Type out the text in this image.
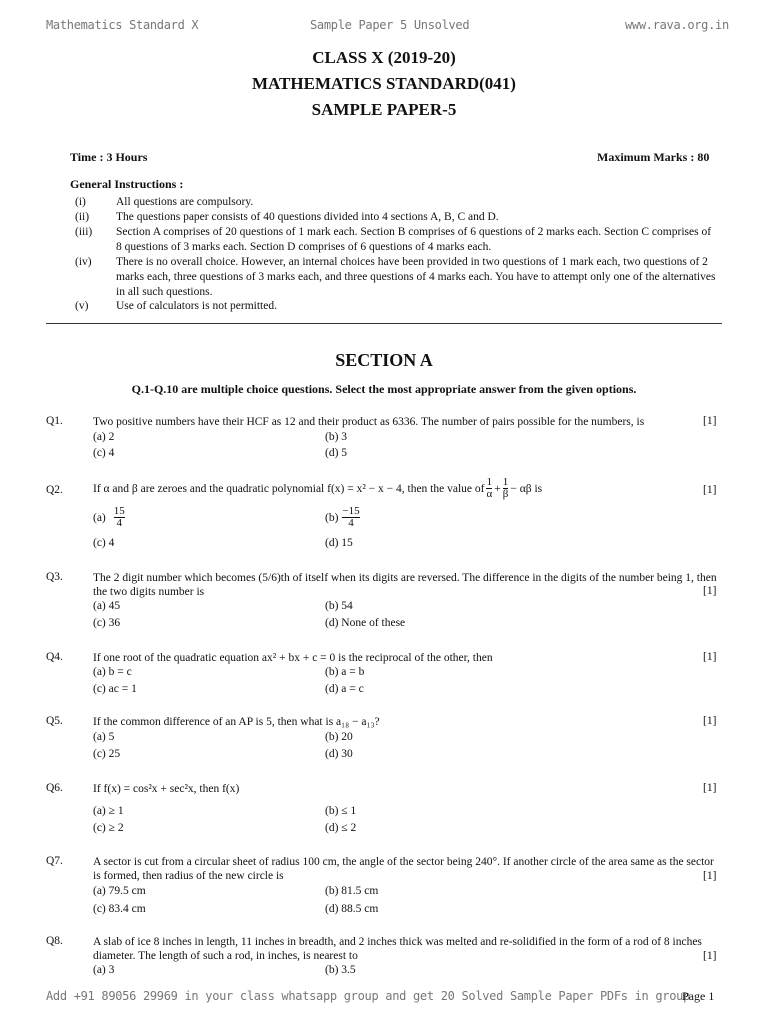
Mathematics Standard X	Sample Paper 5 Unsolved	www.rava.org.in
CLASS X (2019-20)
MATHEMATICS STANDARD(041)
SAMPLE PAPER-5
Time : 3 Hours	Maximum Marks : 80
General Instructions :
(i)	All questions are compulsory.
(ii) The questions paper consists of 40 questions divided into 4 sections A, B, C and D.
(iii) Section A comprises of 20 questions of 1 mark each. Section B comprises of 6 questions of 2 marks each. Section C comprises of 8 questions of 3 marks each. Section D comprises of 6 questions of 4 marks each.
(iv) There is no overall choice. However, an internal choices have been provided in two questions of 1 mark each, two questions of 2 marks each, three questions of 3 marks each, and three questions of 4 marks each. You have to attempt only one of the alternatives in all such questions.
(v) Use of calculators is not permitted.
SECTION A
Q.1-Q.10 are multiple choice questions. Select the most appropriate answer from the given options.
Q1.	Two positive numbers have their HCF as 12 and their product as 6336. The number of pairs possible for the numbers, is	[1]
(a) 2	(b) 3
(c) 4	(d) 5
Q2.	If α and β are zeroes and the quadratic polynomial f(x) = x² − x − 4, then the value of $\frac{1}{\alpha} + \frac{1}{\beta} - \alpha\beta$ is	[1]
$(a) \frac{15}{4}$	$(b) \frac{-15}{4}$
(c) 4	(d) 15
Q3.	The 2 digit number which becomes (5/6)th of itself when its digits are reversed. The difference in the digits of the number being 1, then the two digits number is	[1]
(a) 45	(b) 54
(c) 36	(d) None of these
Q4.	If one root of the quadratic equation ax² + bx + c = 0 is the reciprocal of the other, then	[1]
(a) b = c	(b) a = b
(c) ac = 1	(d) a = c
Q5.	If the common difference of an AP is 5, then what is a₁₈ − a₁₃?	[1]
(a) 5	(b) 20
(c) 25	(d) 30
Q6.	If f(x) = cos²x + sec²x, then f(x)	[1]
(a) ≥ 1	(b) ≤ 1
(c) ≥ 2	(d) ≤ 2
Q7.	A sector is cut from a circular sheet of radius 100 cm, the angle of the sector being 240°. If another circle of the area same as the sector is formed, then radius of the new circle is	[1]
(a) 79.5 cm	(b) 81.5 cm
(c) 83.4 cm	(d) 88.5 cm
Q8.	A slab of ice 8 inches in length, 11 inches in breadth, and 2 inches thick was melted and re-solidified in the form of a rod of 8 inches diameter. The length of such a rod, in inches, is nearest to	[1]
(a) 3	(b) 3.5
Add +91 89056 29969 in your class whatsapp group and get 20 Solved Sample Paper PDFs in group
Page 1
